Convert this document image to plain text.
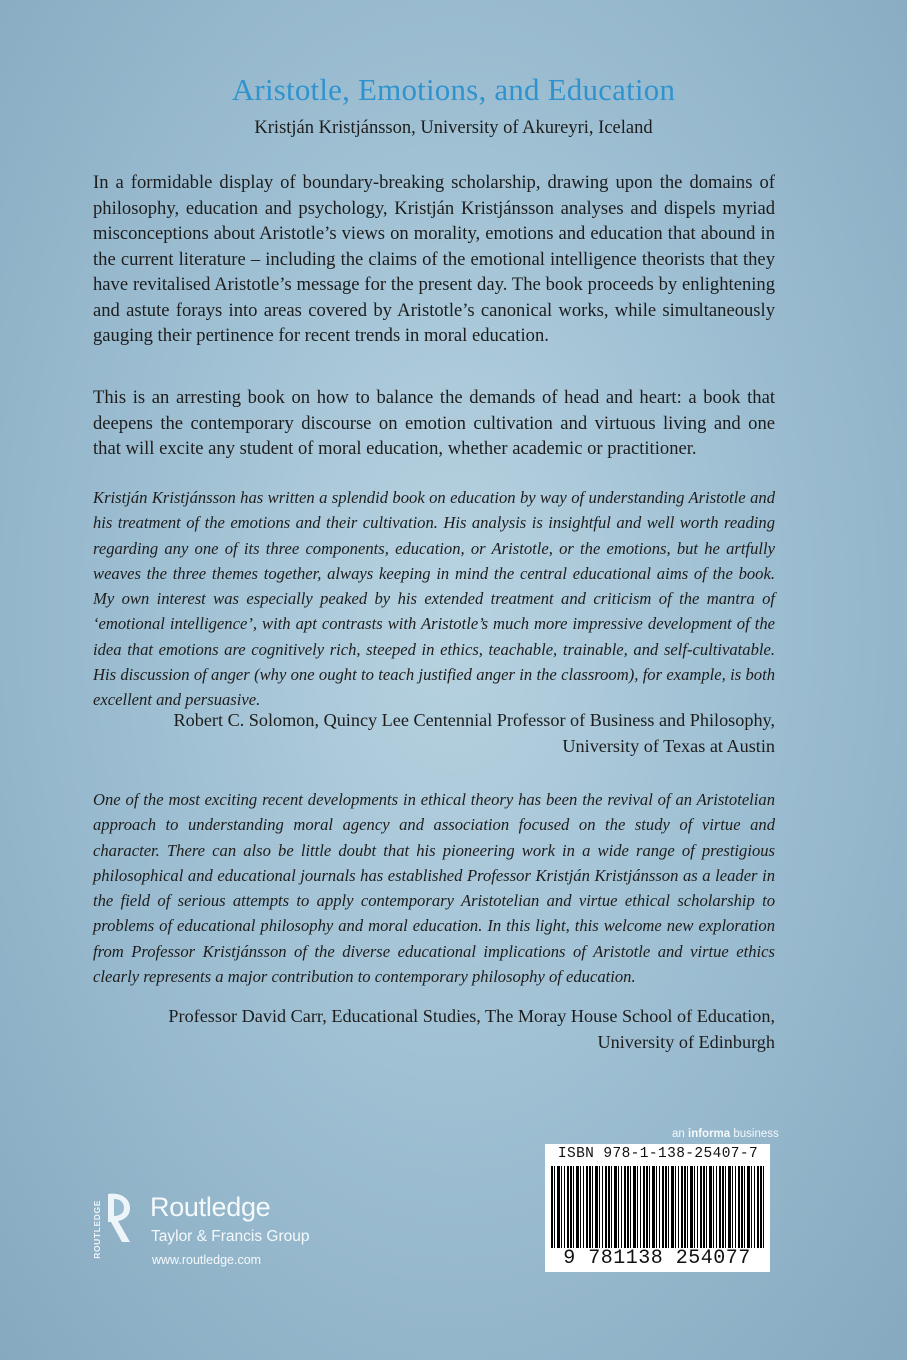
Aristotle, Emotions, and Education
Kristján Kristjánsson, University of Akureyri, Iceland

In a formidable display of boundary-breaking scholarship, drawing upon the domains of philosophy, education and psychology, Kristján Kristjánsson analyses and dispels myriad misconceptions about Aristotle’s views on morality, emotions and education that abound in the current literature – including the claims of the emotional intelligence theorists that they have revitalised Aristotle’s message for the present day. The book proceeds by enlightening and astute forays into areas covered by Aristotle’s canonical works, while simultaneously gauging their pertinence for recent trends in moral education.

This is an arresting book on how to balance the demands of head and heart: a book that deepens the contemporary discourse on emotion cultivation and virtuous living and one that will excite any student of moral education, whether academic or practitioner.

Kristján Kristjánsson has written a splendid book on education by way of understanding Aristotle and his treatment of the emotions and their cultivation. His analysis is insightful and well worth reading regarding any one of its three components, education, or Aristotle, or the emotions, but he artfully weaves the three themes together, always keeping in mind the central educational aims of the book. My own interest was especially peaked by his extended treatment and criticism of the mantra of ‘emotional intelligence’, with apt contrasts with Aristotle’s much more impressive development of the idea that emotions are cognitively rich, steeped in ethics, teachable, trainable, and self-cultivatable. His discussion of anger (why one ought to teach justified anger in the classroom), for example, is both excellent and persuasive.

Robert C. Solomon, Quincy Lee Centennial Professor of Business and Philosophy,
University of Texas at Austin

One of the most exciting recent developments in ethical theory has been the revival of an Aristotelian approach to understanding moral agency and association focused on the study of virtue and character. There can also be little doubt that his pioneering work in a wide range of prestigious philosophical and educational journals has established Professor Kristján Kristjánsson as a leader in the field of serious attempts to apply contemporary Aristotelian and virtue ethical scholarship to problems of educational philosophy and moral education. In this light, this welcome new exploration from Professor Kristjánsson of the diverse educational implications of Aristotle and virtue ethics clearly represents a major contribution to contemporary philosophy of education.

Professor David Carr, Educational Studies, The Moray House School of Education,
University of Edinburgh
ROUTLEDGE Routledge
Taylor & Francis Group
www.routledge.com
an informa business
ISBN 978-1-138-25407-7
9 781138 254077
